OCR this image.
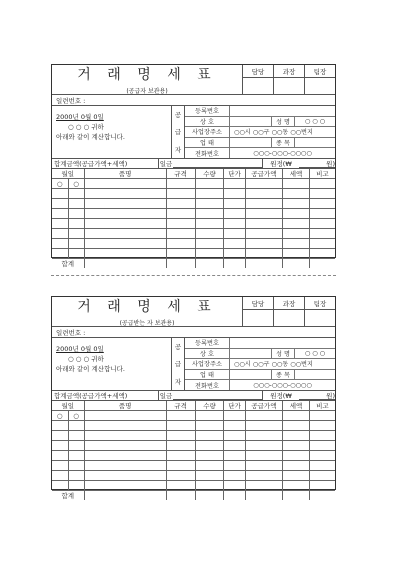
거 래 명 세 표
(공급자 보관용)
담당	과장	팀장
일련번호 :
2000년 0월 0일
○ ○ ○ 귀하
아래와 같이 계산합니다.
공
급
자
등록번호
상 호	성 명	○ ○ ○
사업장주소	○○시 ○○구 ○○동 ○○번지
업 태	종 목
전화번호	○○○-○○○-○○○○
합계금액(공급가액+세액)	일금	원정(₩	원)
월일		품명	규격	수량	단가	공급가액	세액	비고
○	○							

합계								
거 래 명 세 표
(공급받는 자 보관용)
담당	과장	팀장
일련번호 :
2000년 0월 0일
○ ○ ○ 귀하
아래와 같이 계산합니다.
공
급
자
등록번호
상 호	성 명	○ ○ ○
사업장주소	○○시 ○○구 ○○동 ○○번지
업 태	종 목
전화번호	○○○-○○○-○○○○
합계금액(공급가액+세액)	일금	원정(₩	원)
월일		품명	규격	수량	단가	공급가액	세액	비고
○	○							

합계								
